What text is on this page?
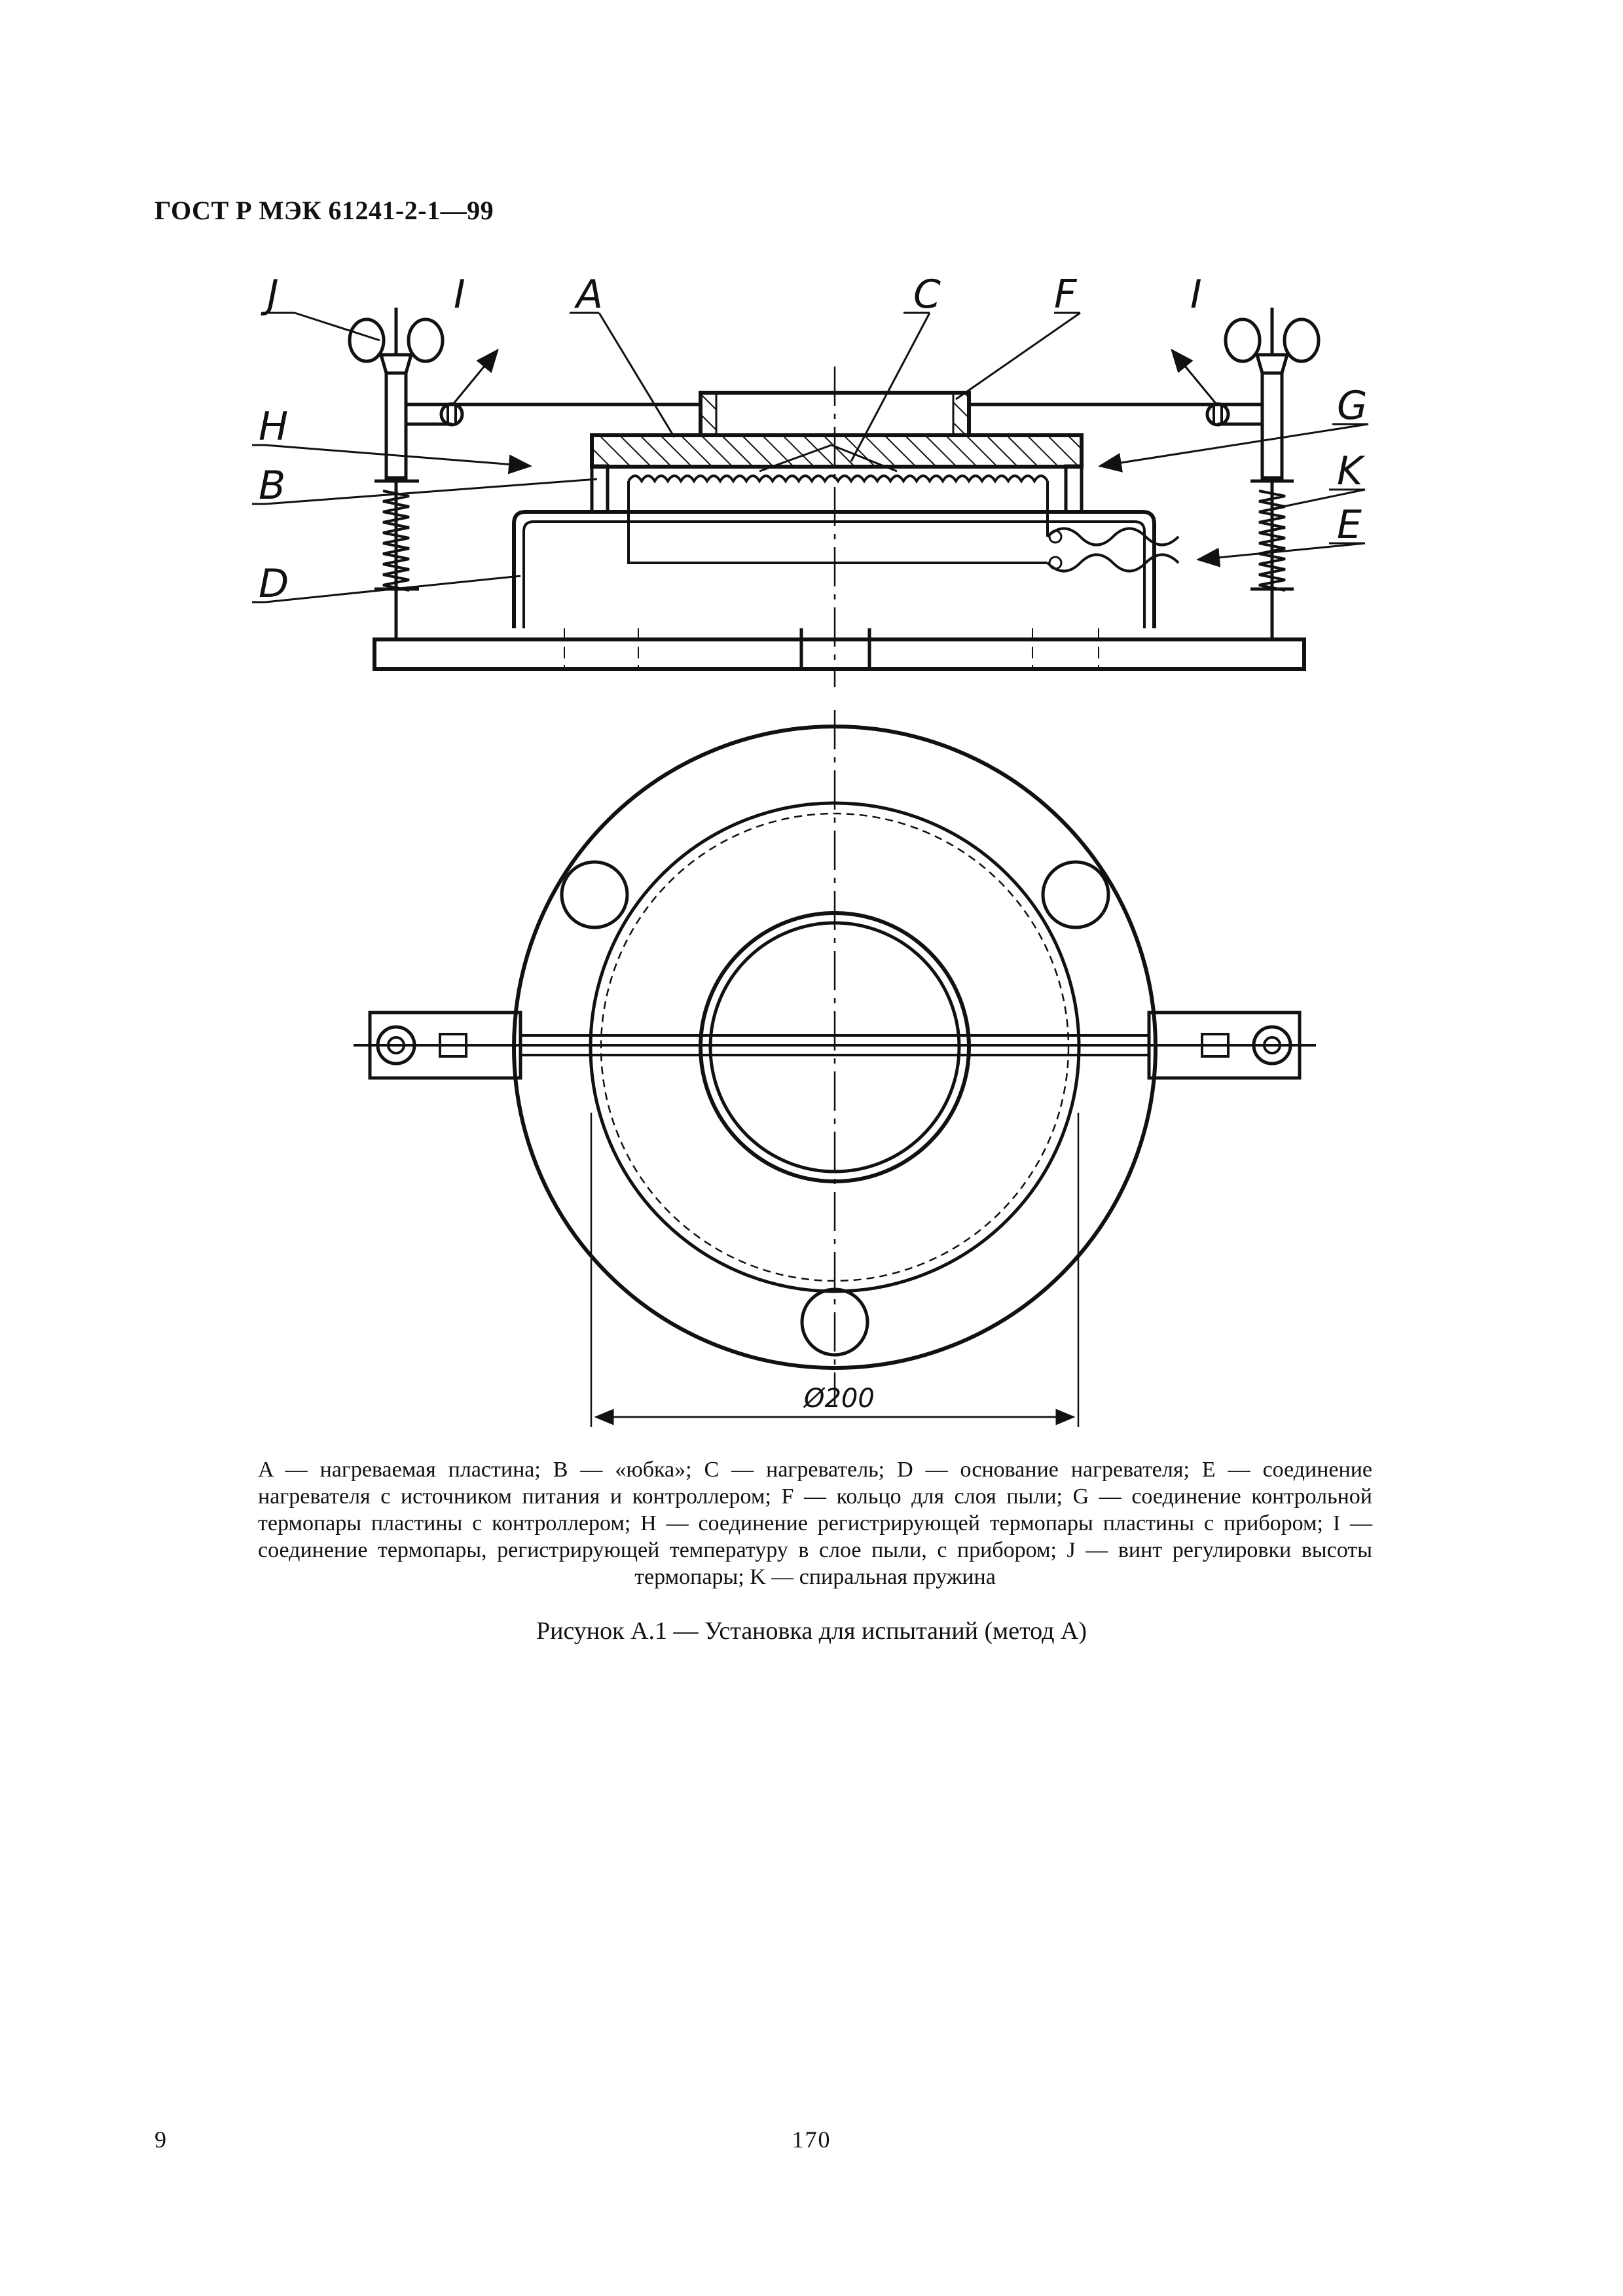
ГОСТ Р МЭК 61241-2-1—99
J	I	A	C	F	I
H	G
B	K
E
D
Ø200
A — нагреваемая пластина; B — «юбка»; C — нагреватель; D — основание нагревателя; E — соединение нагревателя с источником питания и контроллером; F — кольцо для слоя пыли; G — соединение контрольной термопары пластины с контроллером; H — соединение регистрирующей термопары пластины с прибором; I — соединение термопары, регистрирующей температуру в слое пыли, с прибором; J — винт регулировки высоты термопары; K — спиральная пружина
Рисунок А.1 — Установка для испытаний (метод А)
9	170
